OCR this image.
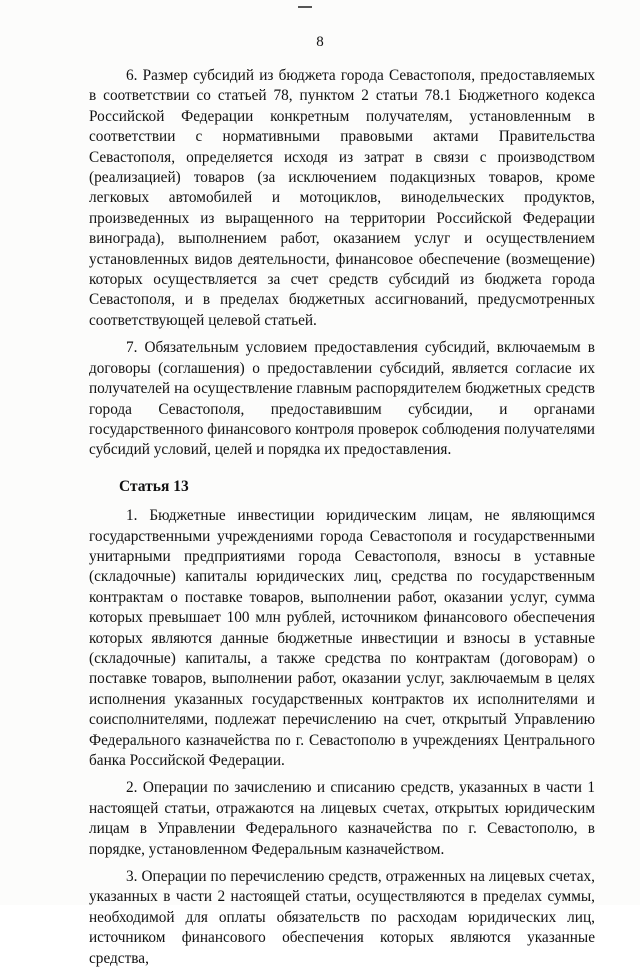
8

6. Размер субсидий из бюджета города Севастополя, предоставляемых в соответствии со статьей 78, пунктом 2 статьи 78.1 Бюджетного кодекса Российской Федерации конкретным получателям, установленным в соответствии с нормативными правовыми актами Правительства Севастополя, определяется исходя из затрат в связи с производством (реализацией) товаров (за исключением подакцизных товаров, кроме легковых автомобилей и мотоциклов, винодельческих продуктов, произведенных из выращенного на территории Российской Федерации винограда), выполнением работ, оказанием услуг и осуществлением установленных видов деятельности, финансовое обеспечение (возмещение) которых осуществляется за счет средств субсидий из бюджета города Севастополя, и в пределах бюджетных ассигнований, предусмотренных соответствующей целевой статьей.

7. Обязательным условием предоставления субсидий, включаемым в договоры (соглашения) о предоставлении субсидий, является согласие их получателей на осуществление главным распорядителем бюджетных средств города Севастополя, предоставившим субсидии, и органами государственного финансового контроля проверок соблюдения получателями субсидий условий, целей и порядка их предоставления.

Статья 13

1. Бюджетные инвестиции юридическим лицам, не являющимся государственными учреждениями города Севастополя и государственными унитарными предприятиями города Севастополя, взносы в уставные (складочные) капиталы юридических лиц, средства по государственным контрактам о поставке товаров, выполнении работ, оказании услуг, сумма которых превышает 100 млн рублей, источником финансового обеспечения которых являются данные бюджетные инвестиции и взносы в уставные (складочные) капиталы, а также средства по контрактам (договорам) о поставке товаров, выполнении работ, оказании услуг, заключаемым в целях исполнения указанных государственных контрактов их исполнителями и соисполнителями, подлежат перечислению на счет, открытый Управлению Федерального казначейства по г. Севастополю в учреждениях Центрального банка Российской Федерации.

2. Операции по зачислению и списанию средств, указанных в части 1 настоящей статьи, отражаются на лицевых счетах, открытых юридическим лицам в Управлении Федерального казначейства по г. Севастополю, в порядке, установленном Федеральным казначейством.

3. Операции по перечислению средств, отраженных на лицевых счетах, указанных в части 2 настоящей статьи, осуществляются в пределах суммы, необходимой для оплаты обязательств по расходам юридических лиц, источником финансового обеспечения которых являются указанные средства,
